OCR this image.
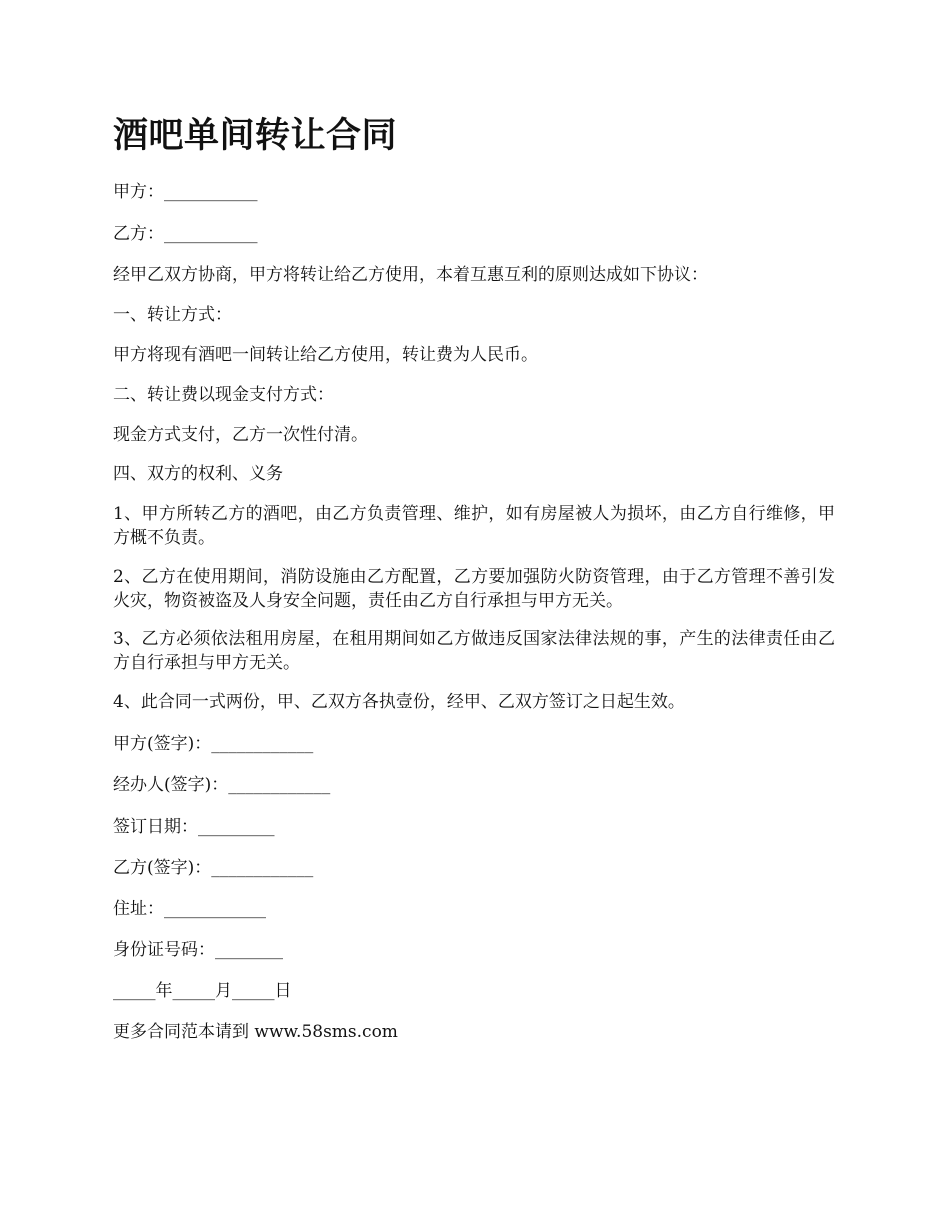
酒吧单间转让合同

甲方：___________

乙方：___________

经甲乙双方协商，甲方将转让给乙方使用，本着互惠互利的原则达成如下协议：

一、转让方式：

甲方将现有酒吧一间转让给乙方使用，转让费为人民币。

二、转让费以现金支付方式：

现金方式支付，乙方一次性付清。

四、双方的权利、义务

1、甲方所转乙方的酒吧，由乙方负责管理、维护，如有房屋被人为损坏，由乙方自行维修，甲方概不负责。

2、乙方在使用期间，消防设施由乙方配置，乙方要加强防火防资管理，由于乙方管理不善引发火灾，物资被盗及人身安全问题，责任由乙方自行承担与甲方无关。

3、乙方必须依法租用房屋，在租用期间如乙方做违反国家法律法规的事，产生的法律责任由乙方自行承担与甲方无关。

4、此合同一式两份，甲、乙双方各执壹份，经甲、乙双方签订之日起生效。

甲方(签字)：____________

经办人(签字)：____________

签订日期：_________

乙方(签字)：____________

住址：____________

身份证号码：________

_____年_____月_____日

更多合同范本请到 www.58sms.com
